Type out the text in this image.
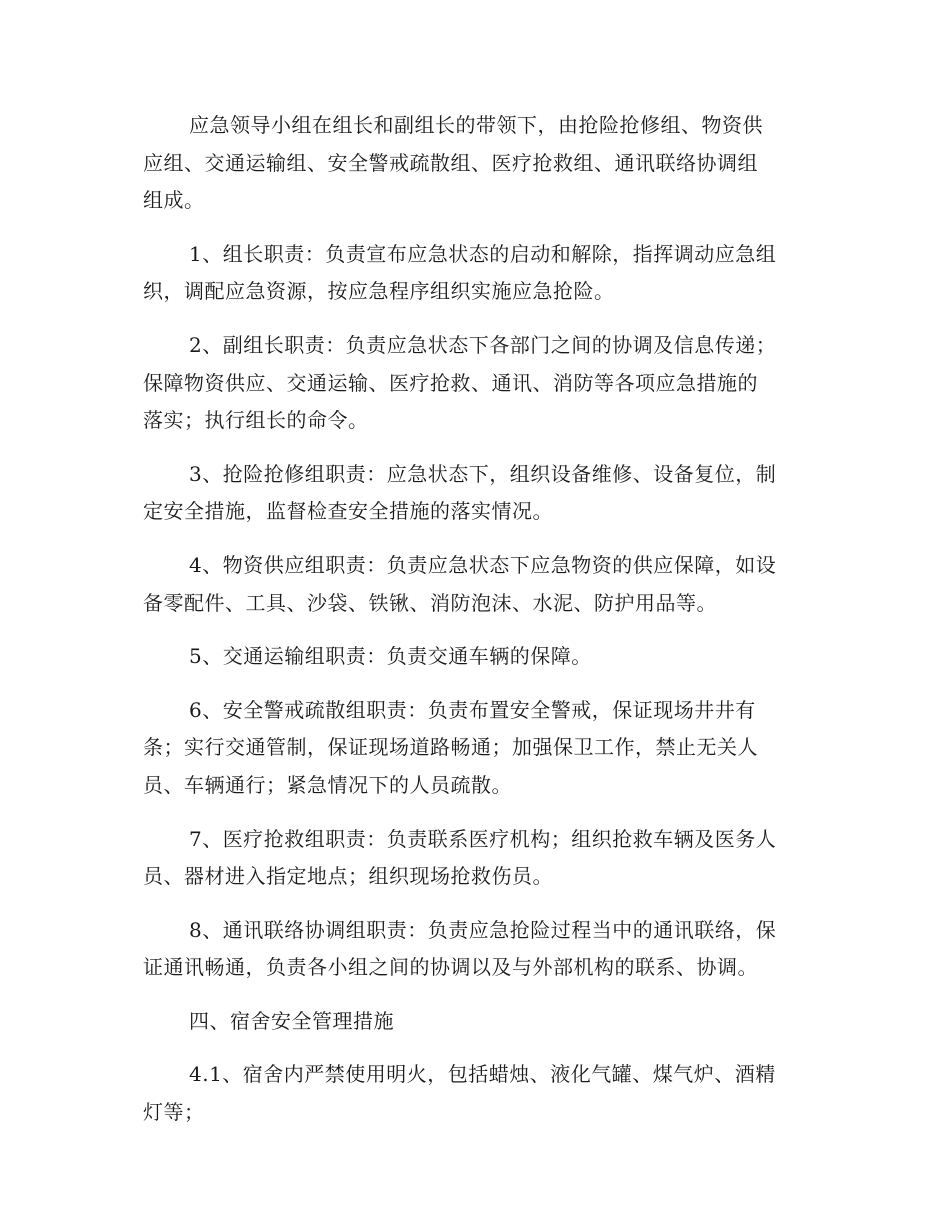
应急领导小组在组长和副组长的带领下，由抢险抢修组、物资供
应组、交通运输组、安全警戒疏散组、医疗抢救组、通讯联络协调组
组成。
1、组长职责：负责宣布应急状态的启动和解除，指挥调动应急组
织，调配应急资源，按应急程序组织实施应急抢险。
2、副组长职责：负责应急状态下各部门之间的协调及信息传递；
保障物资供应、交通运输、医疗抢救、通讯、消防等各项应急措施的
落实；执行组长的命令。
3、抢险抢修组职责：应急状态下，组织设备维修、设备复位，制
定安全措施，监督检查安全措施的落实情况。
4、物资供应组职责：负责应急状态下应急物资的供应保障，如设
备零配件、工具、沙袋、铁锹、消防泡沫、水泥、防护用品等。
5、交通运输组职责：负责交通车辆的保障。
6、安全警戒疏散组职责：负责布置安全警戒，保证现场井井有
条；实行交通管制，保证现场道路畅通；加强保卫工作，禁止无关人
员、车辆通行；紧急情况下的人员疏散。
7、医疗抢救组职责：负责联系医疗机构；组织抢救车辆及医务人
员、器材进入指定地点；组织现场抢救伤员。
8、通讯联络协调组职责：负责应急抢险过程当中的通讯联络，保
证通讯畅通，负责各小组之间的协调以及与外部机构的联系、协调。
四、宿舍安全管理措施
4.1、宿舍内严禁使用明火，包括蜡烛、液化气罐、煤气炉、酒精
灯等；
